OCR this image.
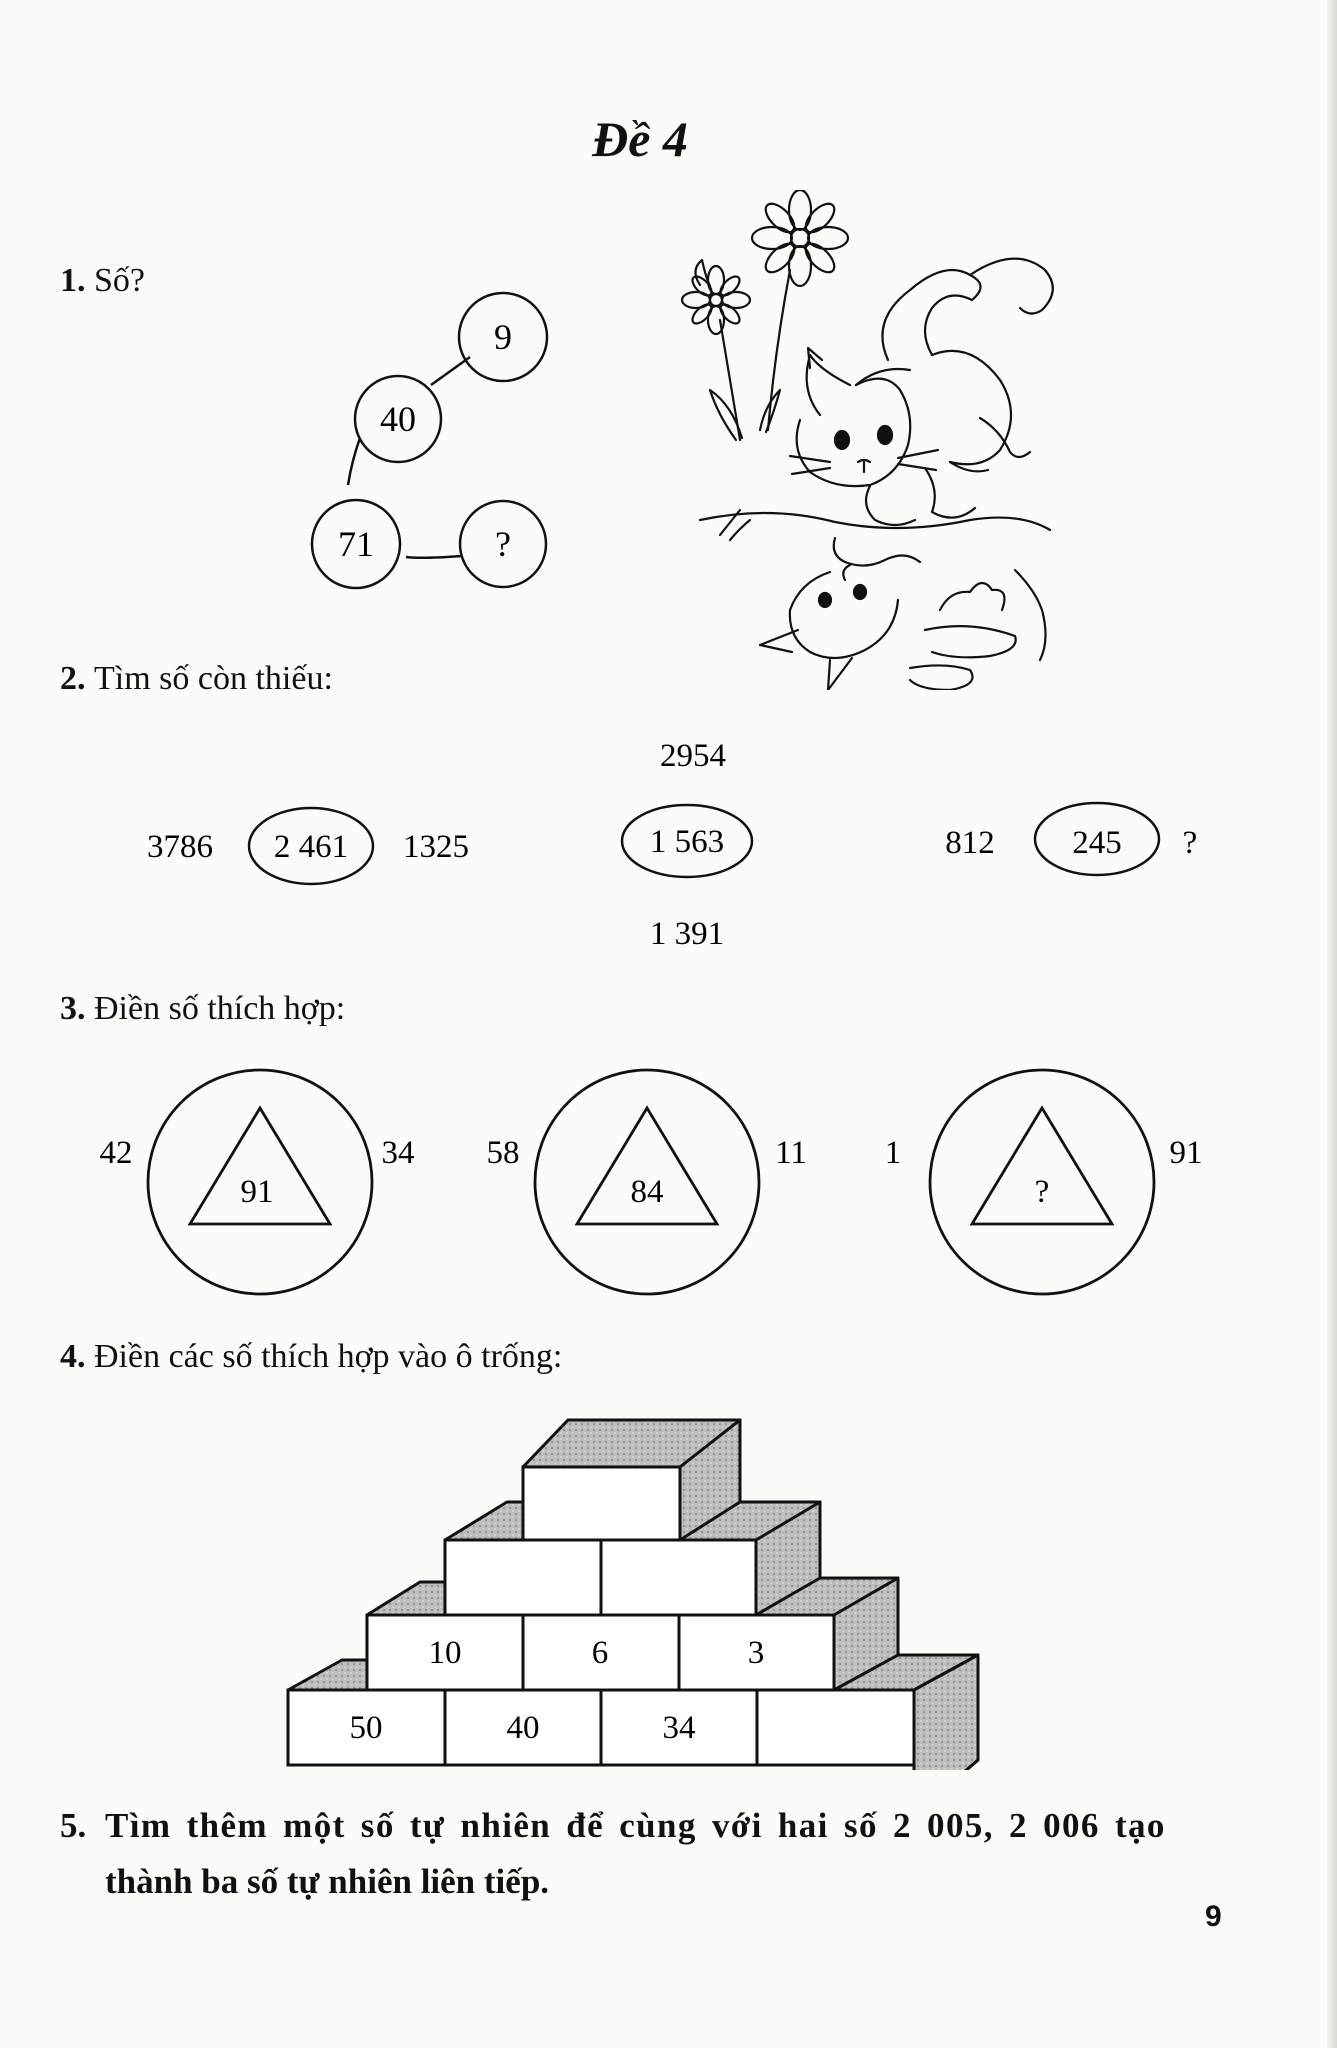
Đề 4
1. Số?
9
40
71	?
2. Tìm số còn thiếu:
3786 2 461 1325
2954
1 563
1 391
812 245 ?
3. Điền số thích hợp:
42
91
34 58
84
11 1
?
91
4. Điền các số thích hợp vào ô trống:
10	6	3
50	40	34
5. Tìm thêm một số tự nhiên để cùng với hai số 2 005, 2 006 tạo
thành ba số tự nhiên liên tiếp.
9
